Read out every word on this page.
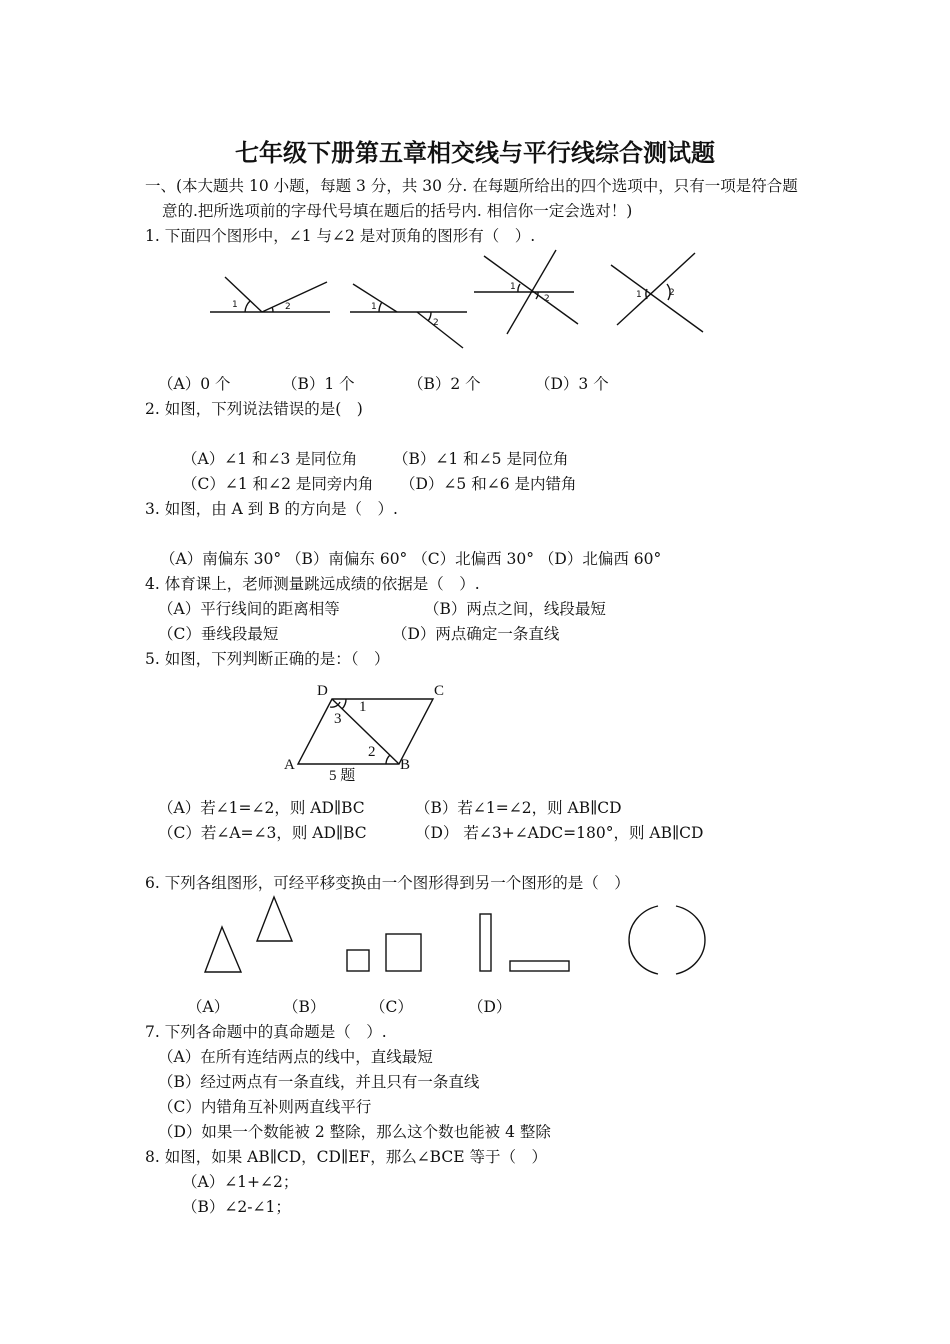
七年级下册第五章相交线与平行线综合测试题
一、(本大题共 10 小题，每题 3 分，共 30 分. 在每题所给出的四个选项中，只有一项是符合题
意的.把所选项前的字母代号填在题后的括号内. 相信你一定会选对！)
1. 下面四个图形中，∠1 与∠2 是对顶角的图形有（　）.
1	2	1
2
1
2	1	2
（A）0 个	（B）1 个	（B）2 个	（D）3 个
2. 如图，下列说法错误的是(　)
（A）∠1 和∠3 是同位角 （B）∠1 和∠5 是同位角
（C）∠1 和∠2 是同旁内角 （D）∠5 和∠6 是内错角
3. 如图，由 A 到 B 的方向是（　）.
（A）南偏东 30° （B）南偏东 60° （C）北偏西 30° （D）北偏西 60°
4. 体育课上，老师测量跳远成绩的依据是（　）.
（A）平行线间的距离相等	（B）两点之间，线段最短
（C）垂线段最短	（D）两点确定一条直线
5. 如图，下列判断正确的是：（　）
D	C
A	B
1
3
2
5 题
（A）若∠1=∠2，则 AD∥BC	（B）若∠1=∠2，则 AB∥CD
（C）若∠A=∠3，则 AD∥BC	（D） 若∠3+∠ADC=180°，则 AB∥CD
6. 下列各组图形，可经平移变换由一个图形得到另一个图形的是（　）
（A）	（B）	（C）	（D）
7. 下列各命题中的真命题是（　）.
（A）在所有连结两点的线中，直线最短
（B）经过两点有一条直线，并且只有一条直线
（C）内错角互补则两直线平行
（D）如果一个数能被 2 整除，那么这个数也能被 4 整除
8. 如图，如果 AB∥CD，CD∥EF，那么∠BCE 等于（　）
（A）∠1+∠2；
（B）∠2-∠1；
